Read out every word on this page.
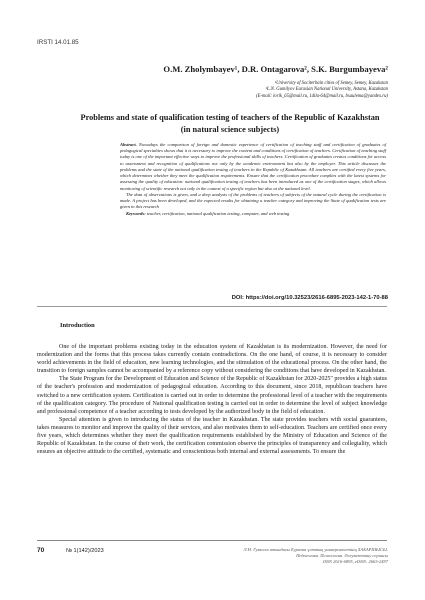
IRSTI 14.01.85
O.M. Zholymbayev¹, D.R. Ontagarova², S.K. Burgumbayeva²
¹University of Sociterbain cities of Semey, Semey, Kazakstan
²L.N. Gumilyov Eurasian National University, Astana, Kazakstan
(E-mail: lorik_65@mail.ru, 1dila-64@mail.ru, bsaulema@yandex.ru)
Problems and state of qualification testing of teachers of the Republic of Kazakhstan
(in natural science subjects)

Abstract. Nowadays the comparison of foreign and domestic experience of certification of teaching staff and certification of graduates of pedagogical specialties shows that it is necessary to improve the content and conditions of certification of teachers. Certification of teaching staff today is one of the important effective ways to improve the professional skills of teachers. Certification of graduates creates conditions for access to assessment and recognition of qualifications not only by the academic environment but also by the employer. This article discusses the problems and the state of the national qualification testing of teachers in the Republic of Kazakhstan. All teachers are certified every five years, which determines whether they meet the qualification requirements. Ensure that the certification procedure complies with the latest systems for assessing the quality of education: national qualification testing of teachers has been introduced as one of the certification stages, which allows monitoring of scientific research not only in the context of a specific region but also at the national level.

The data of observations is given, and a deep analysis of the problems of teachers of subjects of the natural cycle during the certification is made. A project has been developed, and the expected results for obtaining a teacher category and improving the State of qualification tests are given in this research

Keywords: teacher, certification, national qualification testing, computer, and web testing

DOI: https://doi.org/10.32523/2616-6895-2023-142-1-70-88
Introduction

One of the important problems existing today in the education system of Kazakhstan is its modernization. However, the need for modernization and the forms that this process takes currently contain contradictions. On the one hand, of course, it is necessary to consider world achievements in the field of education, new learning technologies, and the stimulation of the educational process. On the other hand, the transition to foreign samples cannot be accompanied by a reference copy without considering the conditions that have developed in Kazakhstan.

The State Program for the Development of Education and Science of the Republic of Kazakhstan for 2020-2025" provides a high status of the teacher's profession and modernization of pedagogical education. According to this document, since 2018, republican teachers have switched to a new certification system. Certification is carried out in order to determine the professional level of a teacher with the requirements of the qualification category. The procedure of National qualification testing is carried out in order to determine the level of subject knowledge and professional competence of a teacher according to tests developed by the authorized body in the field of education.

Special attention is given to introducing the status of the teacher in Kazakhstan. The state provides teachers with social guarantees, takes measures to monitor and improve the quality of their services, and also motivates them to self-education. Teachers are certified once every five years, which determines whether they meet the qualification requirements established by the Ministry of Education and Science of the Republic of Kazakhstan. In the course of their work, the certification commission observe the principles of transparency and collegiality, which ensures an objective attitude to the certified, systematic and conscientious both internal and external assessments. To ensure the

70	№ 1(142)/2023	Л.Н. Гумилев атындағы Еуразия ұлттық университетінің ХАБАРШЫСЫ.
Педагогика. Психология. Әлеуметтану сериясы
ISSN 2616-6895, eISSN: 2663-2497
